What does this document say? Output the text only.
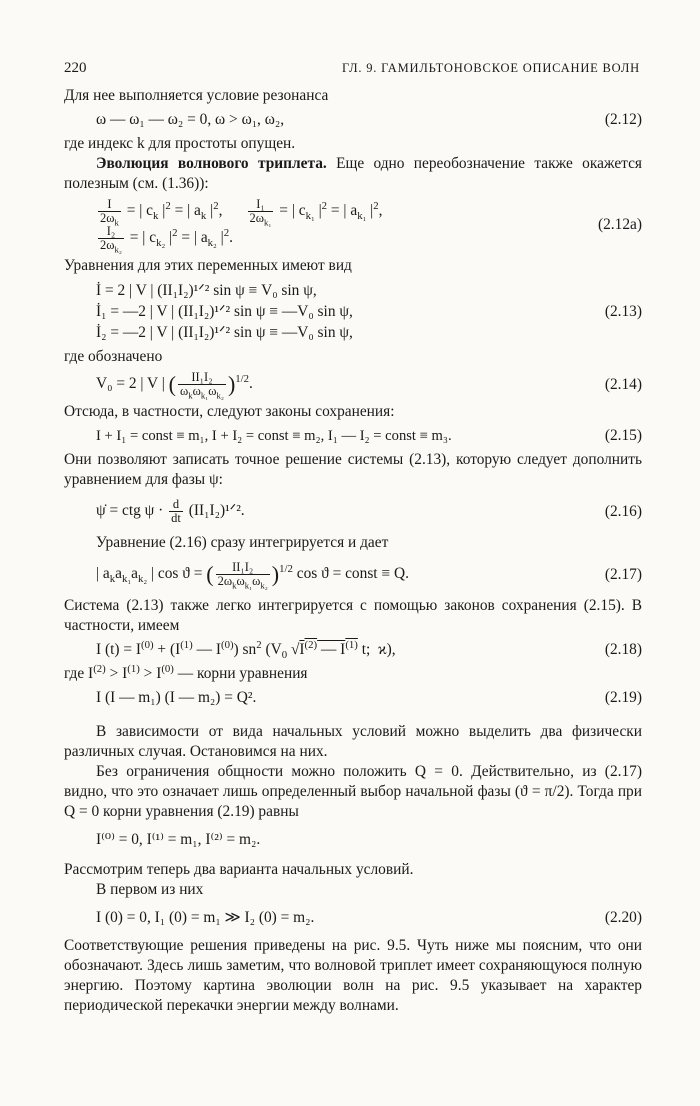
220	ГЛ. 9. ГАМИЛЬТОНОВСКОЕ ОПИСАНИЕ ВОЛН

Для нее выполняется условие резонанса

ω — ω₁ — ω₂ = 0, ω > ω₁, ω₂,	(2.12)

где индекс k для простоты опущен.

Эволюция волнового триплета. Еще одно переобозначение также окажется полезным (см. (1.36)):

$\frac{I}{2\omega_k}$ = | $c_k$ $|^2$ = | $a_k$ $|^2$, $\frac{\text{I₁}}{2\omega_{k_1}}$ = | $c_{k_1}$ $|^2$ = | $a_{k_1}$ $|^2$,
$\frac{\text{I₂}}{2\omega_{k_2}}$ = | $c_{k_2}$ $|^2$ = | $a_{k_2}$ $|^2$.
(2.12a)

Уравнения для этих переменных имеют вид

İ = 2 | V | (II₁I₂)¹ᐟ² sin ψ ≡ V₀ sin ψ,
İ₁ = —2 | V | (II₁I₂)¹ᐟ² sin ψ ≡ —V₀ sin ψ,
İ₂ = —2 | V | (II₁I₂)¹ᐟ² sin ψ ≡ —V₀ sin ψ,
(2.13)

где обозначено

V₀ = 2 | V | ( $\frac{\text{II₁I₂}}{\omega_k\omega_{k_1}\omega_{k_2}} )^{1/2}$.	(2.14)

Отсюда, в частности, следуют законы сохранения:

I + I₁ = const ≡ m₁, I + I₂ = const ≡ m₂, I₁ — I₂ = const ≡ m₃.	(2.15)

Они позволяют записать точное решение системы (2.13), которую следует дополнить уравнением для фазы ψ:

ψ̇ = ctg $\psi \cdot \frac{d}{dt}$ (II₁I₂)¹ᐟ².	(2.16)

Уравнение (2.16) сразу интегрируется и дает

| $a_ka_{k_1}a_{k_2}$ | cos ϑ = ( $\frac{\text{II₁I₂}}{2\omega_k\omega_{k_1}\omega_{k_2}} )^{1/2}$ cos ϑ = const ≡ Q.	(2.17)

Система (2.13) также легко интегрируется с помощью законов сохранения (2.15). В частности, имеем

I $(t) = I^{(0)} + (I^{(1)}$ — $I^{(0)}$) $sn^2$ ($V_0$ $√I^{(2)}$ — $I^{(1)}$ t;  ϰ),	(2.18)

где $I^{(2)} > I^{(1)} > I^{(0)}$ — корни уравнения

I (I — m₁) (I — m₂) = Q².	(2.19)

В зависимости от вида начальных условий можно выделить два физически различных случая. Остановимся на них.

Без ограничения общности можно положить Q = 0. Действительно, из (2.17) видно, что это означает лишь определенный выбор начальной фазы (ϑ = π/2). Тогда при Q = 0 корни уравнения (2.19) равны

I⁽⁰⁾ = 0, I⁽¹⁾ = m₁, I⁽²⁾ = m₂.

Рассмотрим теперь два варианта начальных условий.

В первом из них

I (0) = 0, I₁ (0) = m₁ ≫ I₂ (0) = m₂.	(2.20)

Соответствующие решения приведены на рис. 9.5. Чуть ниже мы поясним, что они обозначают. Здесь лишь заметим, что волновой триплет имеет сохраняющуюся полную энергию. Поэтому картина эволюции волн на рис. 9.5 указывает на характер периодической перекачки энергии между волнами.
